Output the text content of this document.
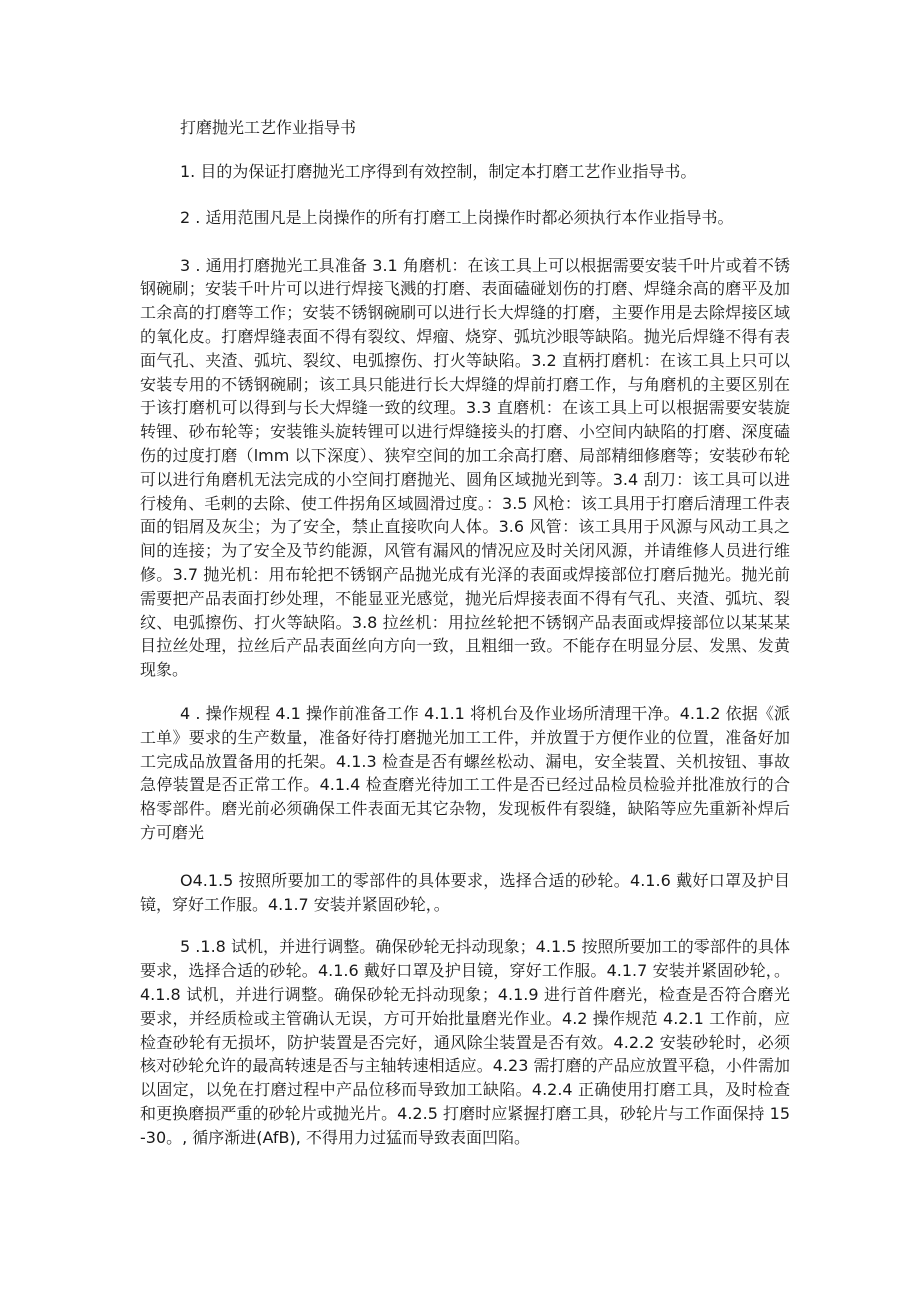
打磨抛光工艺作业指导书

1. 目的为保证打磨抛光工序得到有效控制，制定本打磨工艺作业指导书。

2 . 适用范围凡是上岗操作的所有打磨工上岗操作时都必须执行本作业指导书。

3 . 通用打磨抛光工具准备 3.1 角磨机：在该工具上可以根据需要安装千叶片或着不锈钢碗刷；安装千叶片可以进行焊接飞溅的打磨、表面磕碰划伤的打磨、焊缝余高的磨平及加工余高的打磨等工作；安装不锈钢碗刷可以进行长大焊缝的打磨，主要作用是去除焊接区域的氧化皮。打磨焊缝表面不得有裂纹、焊瘤、烧穿、弧坑沙眼等缺陷。抛光后焊缝不得有表面气孔、夹渣、弧坑、裂纹、电弧擦伤、打火等缺陷。3.2 直柄打磨机：在该工具上只可以安装专用的不锈钢碗刷；该工具只能进行长大焊缝的焊前打磨工作，与角磨机的主要区别在于该打磨机可以得到与长大焊缝一致的纹理。3.3 直磨机：在该工具上可以根据需要安装旋转锂、砂布轮等；安装锥头旋转锂可以进行焊缝接头的打磨、小空间内缺陷的打磨、深度磕伤的过度打磨（lmm 以下深度）、狭窄空间的加工余高打磨、局部精细修磨等；安装砂布轮可以进行角磨机无法完成的小空间打磨抛光、圆角区域抛光到等。3.4 刮刀：该工具可以进行棱角、毛刺的去除、使工件拐角区域圆滑过度。：3.5 风枪：该工具用于打磨后清理工件表面的铝屑及灰尘；为了安全，禁止直接吹向人体。3.6 风管：该工具用于风源与风动工具之间的连接；为了安全及节约能源，风管有漏风的情况应及时关闭风源，并请维修人员进行维修。3.7 抛光机：用布轮把不锈钢产品抛光成有光泽的表面或焊接部位打磨后抛光。抛光前需要把产品表面打纱处理，不能显亚光感觉，抛光后焊接表面不得有气孔、夹渣、弧坑、裂纹、电弧擦伤、打火等缺陷。3.8 拉丝机：用拉丝轮把不锈钢产品表面或焊接部位以某某某目拉丝处理，拉丝后产品表面丝向方向一致，且粗细一致。不能存在明显分层、发黑、发黄现象。

4 . 操作规程 4.1 操作前准备工作 4.1.1 将机台及作业场所清理干净。4.1.2 依据《派工单》要求的生产数量，准备好待打磨抛光加工工件，并放置于方便作业的位置，准备好加工完成品放置备用的托架。4.1.3 检查是否有螺丝松动、漏电，安全装置、关机按钮、事故急停装置是否正常工作。4.1.4 检查磨光待加工工件是否已经过品检员检验并批准放行的合格零部件。磨光前必须确保工件表面无其它杂物，发现板件有裂缝，缺陷等应先重新补焊后方可磨光

O4.1.5 按照所要加工的零部件的具体要求，选择合适的砂轮。4.1.6 戴好口罩及护目镜，穿好工作服。4.1.7 安装并紧固砂轮，。

5 .1.8 试机，并进行调整。确保砂轮无抖动现象；4.1.5 按照所要加工的零部件的具体要求，选择合适的砂轮。4.1.6 戴好口罩及护目镜，穿好工作服。4.1.7 安装并紧固砂轮，。4.1.8 试机，并进行调整。确保砂轮无抖动现象；4.1.9 进行首件磨光，检查是否符合磨光要求，并经质检或主管确认无误，方可开始批量磨光作业。4.2 操作规范 4.2.1 工作前，应检查砂轮有无损坏，防护装置是否完好，通风除尘装置是否有效。4.2.2 安装砂轮时，必须核对砂轮允许的最高转速是否与主轴转速相适应。4.23 需打磨的产品应放置平稳，小件需加以固定，以免在打磨过程中产品位移而导致加工缺陷。4.2.4 正确使用打磨工具，及时检查和更换磨损严重的砂轮片或抛光片。4.2.5 打磨时应紧握打磨工具，砂轮片与工作面保持 15-30。, 循序渐进(AfB), 不得用力过猛而导致表面凹陷。
